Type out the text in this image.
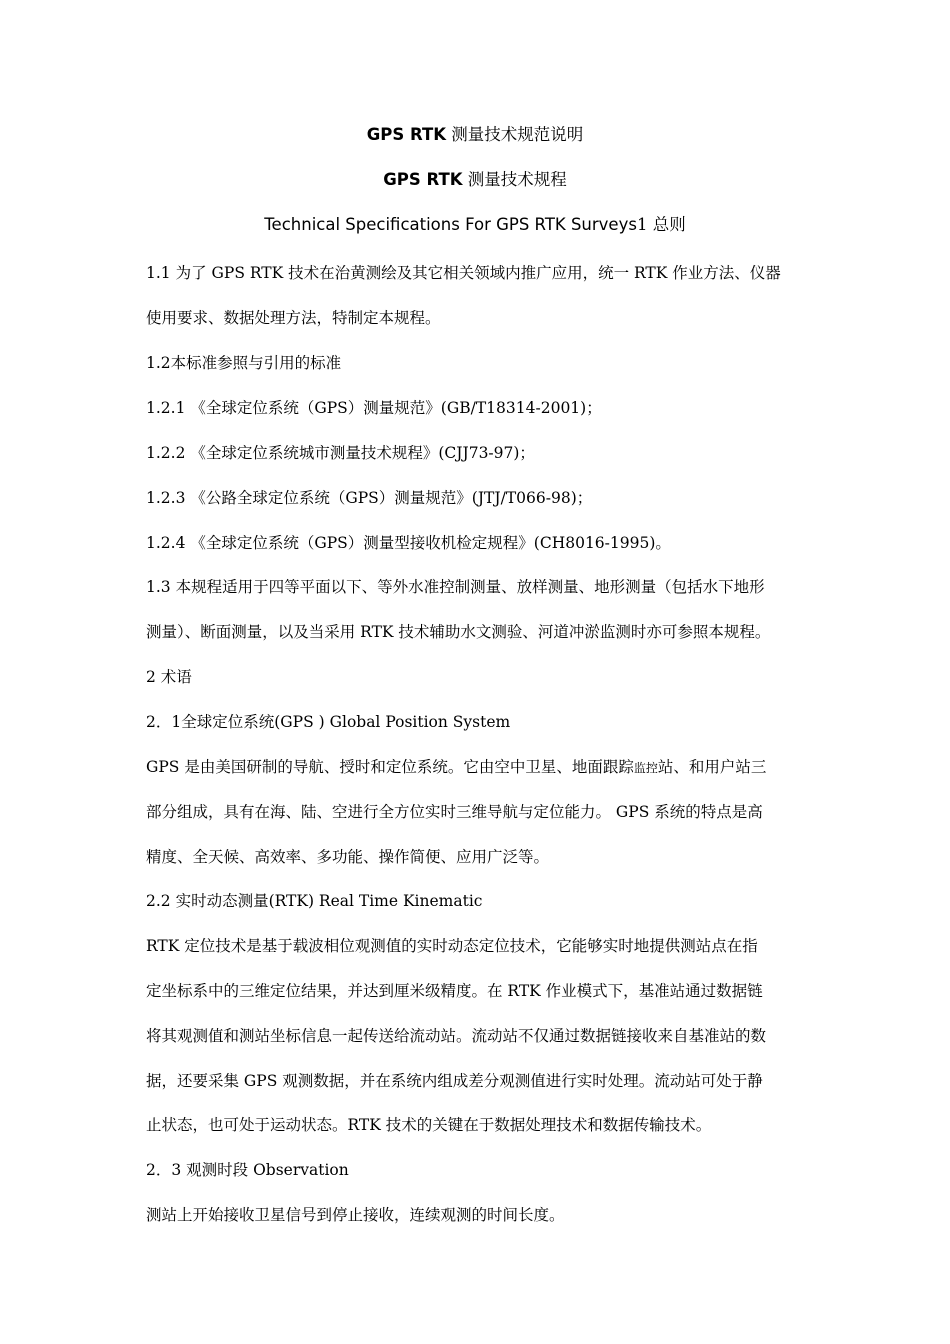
GPS RTK 测量技术规范说明
GPS RTK 测量技术规程
Technical Specifications For GPS RTK Surveys1 总则
1.1 为了 GPS RTK 技术在治黄测绘及其它相关领域内推广应用，统一 RTK 作业方法、仪器
使用要求、数据处理方法，特制定本规程。
1.2本标准参照与引用的标准
1.2.1 《全球定位系统（GPS）测量规范》(GB/T18314-2001)；
1.2.2 《全球定位系统城市测量技术规程》(CJJ73-97)；
1.2.3 《公路全球定位系统（GPS）测量规范》(JTJ/T066-98)；
1.2.4 《全球定位系统（GPS）测量型接收机检定规程》(CH8016-1995)。
1.3 本规程适用于四等平面以下、等外水准控制测量、放样测量、地形测量（包括水下地形
测量）、断面测量，以及当采用 RTK 技术辅助水文测验、河道冲淤监测时亦可参照本规程。
2 术语
2．1全球定位系统(GPS ) Global Position System
GPS 是由美国研制的导航、授时和定位系统。它由空中卫星、地面跟踪监控站、和用户站三
部分组成，具有在海、陆、空进行全方位实时三维导航与定位能力。 GPS 系统的特点是高
精度、全天候、高效率、多功能、操作简便、应用广泛等。
2.2 实时动态测量(RTK) Real Time Kinematic
RTK 定位技术是基于载波相位观测值的实时动态定位技术，它能够实时地提供测站点在指
定坐标系中的三维定位结果，并达到厘米级精度。在 RTK 作业模式下，基准站通过数据链
将其观测值和测站坐标信息一起传送给流动站。流动站不仅通过数据链接收来自基准站的数
据，还要采集 GPS 观测数据，并在系统内组成差分观测值进行实时处理。流动站可处于静
止状态，也可处于运动状态。RTK 技术的关键在于数据处理技术和数据传输技术。
2．3 观测时段 Observation
测站上开始接收卫星信号到停止接收，连续观测的时间长度。
